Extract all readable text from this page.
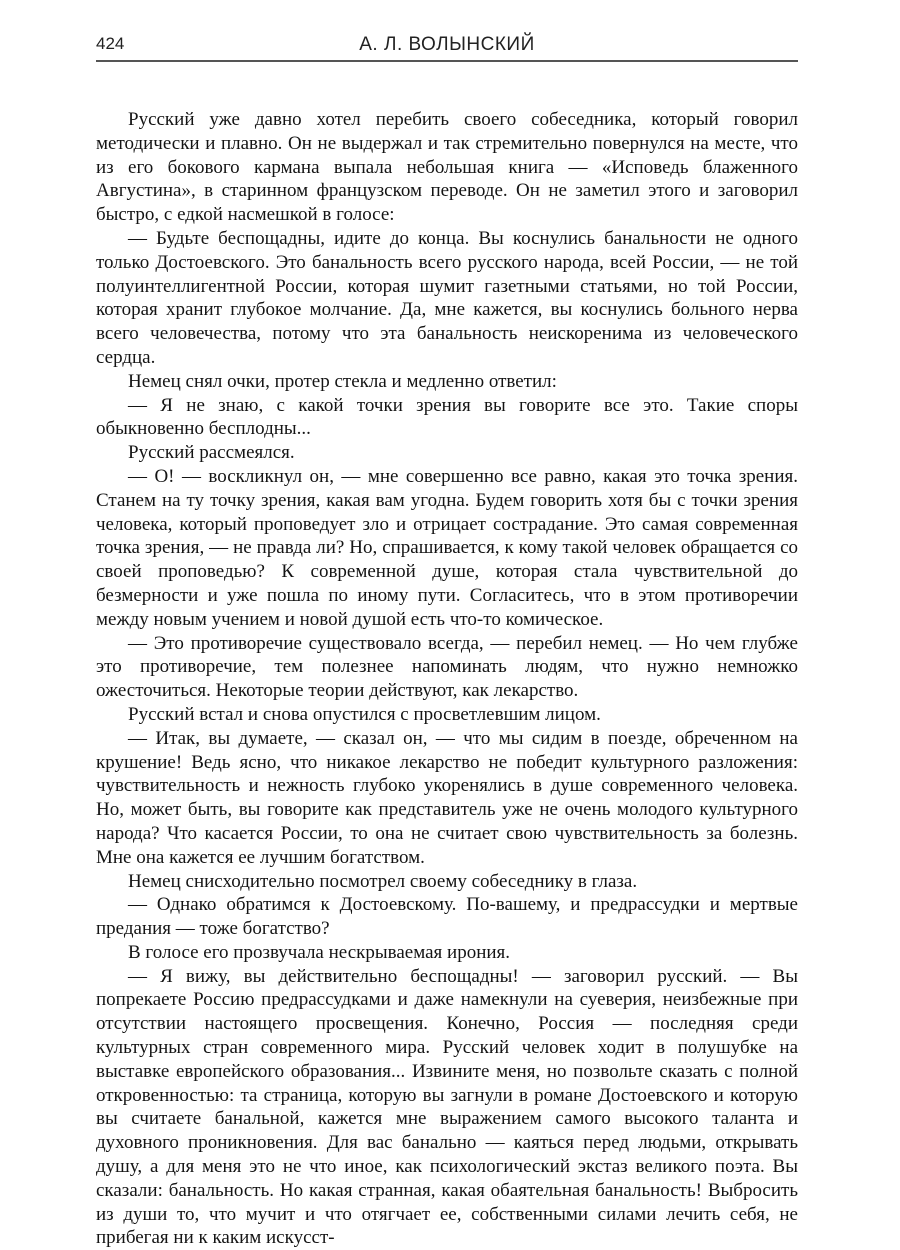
424	А. Л. ВОЛЫНСКИЙ

Русский уже давно хотел перебить своего собеседника, который говорил методически и плавно. Он не выдержал и так стремительно повернулся на месте, что из его бокового кармана выпала небольшая книга — «Исповедь блаженного Августина», в старинном французском переводе. Он не заметил этого и заговорил быстро, с едкой насмешкой в голосе:

— Будьте беспощадны, идите до конца. Вы коснулись банальности не одного только Достоевского. Это банальность всего русского народа, всей России, — не той полуинтеллигентной России, которая шумит газетными статьями, но той России, которая хранит глубокое молчание. Да, мне кажется, вы коснулись больного нерва всего человечества, потому что эта банальность неискоренима из человеческого сердца.

Немец снял очки, протер стекла и медленно ответил:

— Я не знаю, с какой точки зрения вы говорите все это. Такие споры обыкновенно бесплодны...

Русский рассмеялся.

— О! — воскликнул он, — мне совершенно все равно, какая это точка зрения. Станем на ту точку зрения, какая вам угодна. Будем говорить хотя бы с точки зрения человека, который проповедует зло и отрицает сострадание. Это самая современная точка зрения, — не правда ли? Но, спрашивается, к кому такой человек обращается со своей проповедью? К современной душе, которая стала чувствительной до безмерности и уже пошла по иному пути. Согласитесь, что в этом противоречии между новым учением и новой душой есть что-то комическое.

— Это противоречие существовало всегда, — перебил немец. — Но чем глубже это противоречие, тем полезнее напоминать людям, что нужно немножко ожесточиться. Некоторые теории действуют, как лекарство.

Русский встал и снова опустился с просветлевшим лицом.

— Итак, вы думаете, — сказал он, — что мы сидим в поезде, обреченном на крушение! Ведь ясно, что никакое лекарство не победит культурного разложения: чувствительность и нежность глубоко укоренялись в душе современного человека. Но, может быть, вы говорите как представитель уже не очень молодого культурного народа? Что касается России, то она не считает свою чувствительность за болезнь. Мне она кажется ее лучшим богатством.

Немец снисходительно посмотрел своему собеседнику в глаза.

— Однако обратимся к Достоевскому. По-вашему, и предрассудки и мертвые предания — тоже богатство?

В голосе его прозвучала нескрываемая ирония.

— Я вижу, вы действительно беспощадны! — заговорил русский. — Вы попрекаете Россию предрассудками и даже намекнули на суеверия, неизбежные при отсутствии настоящего просвещения. Конечно, Россия — последняя среди культурных стран современного мира. Русский человек ходит в полушубке на выставке европейского образования... Извините меня, но позвольте сказать с полной откровенностью: та страница, которую вы загнули в романе Достоевского и которую вы считаете банальной, кажется мне выражением самого высокого таланта и духовного проникновения. Для вас банально — каяться перед людьми, открывать душу, а для меня это не что иное, как психологический экстаз великого поэта. Вы сказали: банальность. Но какая странная, какая обаятельная банальность! Выбросить из души то, что мучит и что отягчает ее, собственными силами лечить себя, не прибегая ни к каким искусст-
